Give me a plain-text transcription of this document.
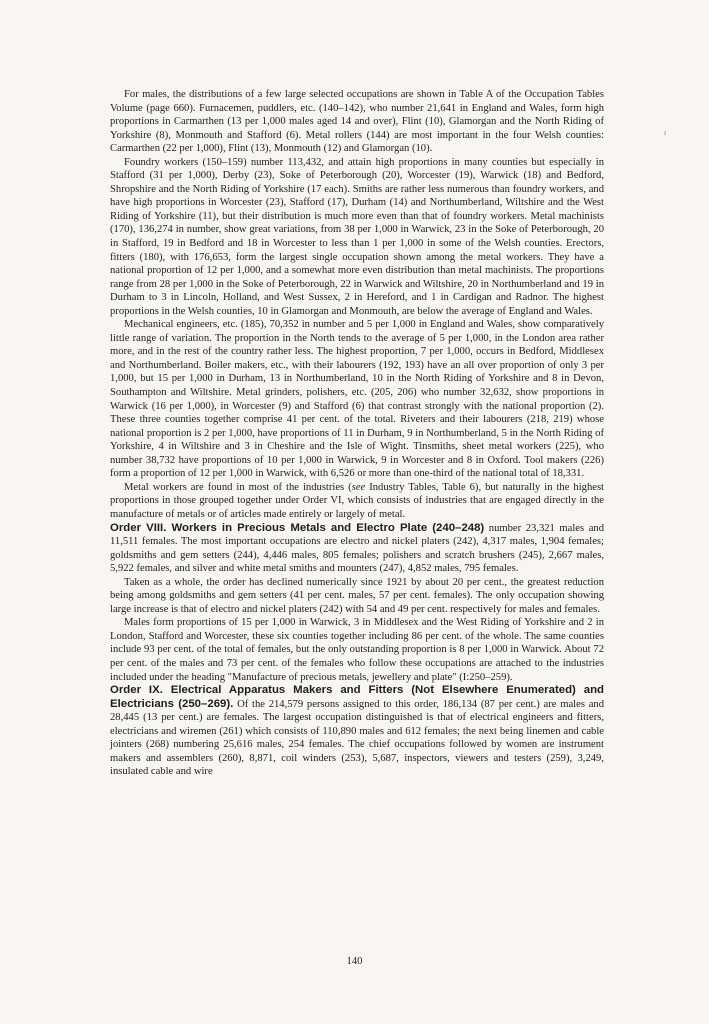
ı

For males, the distributions of a few large selected occupations are shown in Table A of the Occupation Tables Volume (page 660). Furnacemen, puddlers, etc. (140–142), who number 21,641 in England and Wales, form high proportions in Carmarthen (13 per 1,000 males aged 14 and over), Flint (10), Glamorgan and the North Riding of Yorkshire (8), Monmouth and Stafford (6). Metal rollers (144) are most important in the four Welsh counties: Carmarthen (22 per 1,000), Flint (13), Monmouth (12) and Glamorgan (10).

Foundry workers (150–159) number 113,432, and attain high proportions in many counties but especially in Stafford (31 per 1,000), Derby (23), Soke of Peterborough (20), Worcester (19), Warwick (18) and Bedford, Shropshire and the North Riding of Yorkshire (17 each). Smiths are rather less numerous than foundry workers, and have high proportions in Worcester (23), Stafford (17), Durham (14) and Northumberland, Wiltshire and the West Riding of Yorkshire (11), but their distribution is much more even than that of foundry workers. Metal machinists (170), 136,274 in number, show great variations, from 38 per 1,000 in Warwick, 23 in the Soke of Peterborough, 20 in Stafford, 19 in Bedford and 18 in Worcester to less than 1 per 1,000 in some of the Welsh counties. Erectors, fitters (180), with 176,653, form the largest single occupation shown among the metal workers. They have a national proportion of 12 per 1,000, and a somewhat more even distribution than metal machinists. The proportions range from 28 per 1,000 in the Soke of Peterborough, 22 in Warwick and Wiltshire, 20 in Northumberland and 19 in Durham to 3 in Lincoln, Holland, and West Sussex, 2 in Hereford, and 1 in Cardigan and Radnor. The highest proportions in the Welsh counties, 10 in Glamorgan and Monmouth, are below the average of England and Wales.

Mechanical engineers, etc. (185), 70,352 in number and 5 per 1,000 in England and Wales, show comparatively little range of variation. The proportion in the North tends to the average of 5 per 1,000, in the London area rather more, and in the rest of the country rather less. The highest proportion, 7 per 1,000, occurs in Bedford, Middlesex and Northumberland. Boiler makers, etc., with their labourers (192, 193) have an all over proportion of only 3 per 1,000, but 15 per 1,000 in Durham, 13 in Northumberland, 10 in the North Riding of Yorkshire and 8 in Devon, Southampton and Wiltshire. Metal grinders, polishers, etc. (205, 206) who number 32,632, show proportions in Warwick (16 per 1,000), in Worcester (9) and Stafford (6) that contrast strongly with the national proportion (2). These three counties together comprise 41 per cent. of the total. Riveters and their labourers (218, 219) whose national proportion is 2 per 1,000, have proportions of 11 in Durham, 9 in Northumberland, 5 in the North Riding of Yorkshire, 4 in Wiltshire and 3 in Cheshire and the Isle of Wight. Tinsmiths, sheet metal workers (225), who number 38,732 have proportions of 10 per 1,000 in Warwick, 9 in Worcester and 8 in Oxford. Tool makers (226) form a proportion of 12 per 1,000 in Warwick, with 6,526 or more than one-third of the national total of 18,331.

Metal workers are found in most of the industries (see Industry Tables, Table 6), but naturally in the highest proportions in those grouped together under Order VI, which consists of industries that are engaged directly in the manufacture of metals or of articles made entirely or largely of metal.

Order VIII. Workers in Precious Metals and Electro Plate (240–248) number 23,321 males and 11,511 females. The most important occupations are electro and nickel platers (242), 4,317 males, 1,904 females; goldsmiths and gem setters (244), 4,446 males, 805 females; polishers and scratch brushers (245), 2,667 males, 5,922 females, and silver and white metal smiths and mounters (247), 4,852 males, 795 females.

Taken as a whole, the order has declined numerically since 1921 by about 20 per cent., the greatest reduction being among goldsmiths and gem setters (41 per cent. males, 57 per cent. females). The only occupation showing large increase is that of electro and nickel platers (242) with 54 and 49 per cent. respectively for males and females.

Males form proportions of 15 per 1,000 in Warwick, 3 in Middlesex and the West Riding of Yorkshire and 2 in London, Stafford and Worcester, these six counties together including 86 per cent. of the whole. The same counties include 93 per cent. of the total of females, but the only outstanding proportion is 8 per 1,000 in Warwick. About 72 per cent. of the males and 73 per cent. of the females who follow these occupations are attached to the industries included under the heading "Manufacture of precious metals, jewellery and plate" (I:250–259).

Order IX. Electrical Apparatus Makers and Fitters (Not Elsewhere Enumerated) and Electricians (250–269). Of the 214,579 persons assigned to this order, 186,134 (87 per cent.) are males and 28,445 (13 per cent.) are females. The largest occupation distinguished is that of electrical engineers and fitters, electricians and wiremen (261) which consists of 110,890 males and 612 females; the next being linemen and cable jointers (268) numbering 25,616 males, 254 females. The chief occupations followed by women are instrument makers and assemblers (260), 8,871, coil winders (253), 5,687, inspectors, viewers and testers (259), 3,249, insulated cable and wire

140
